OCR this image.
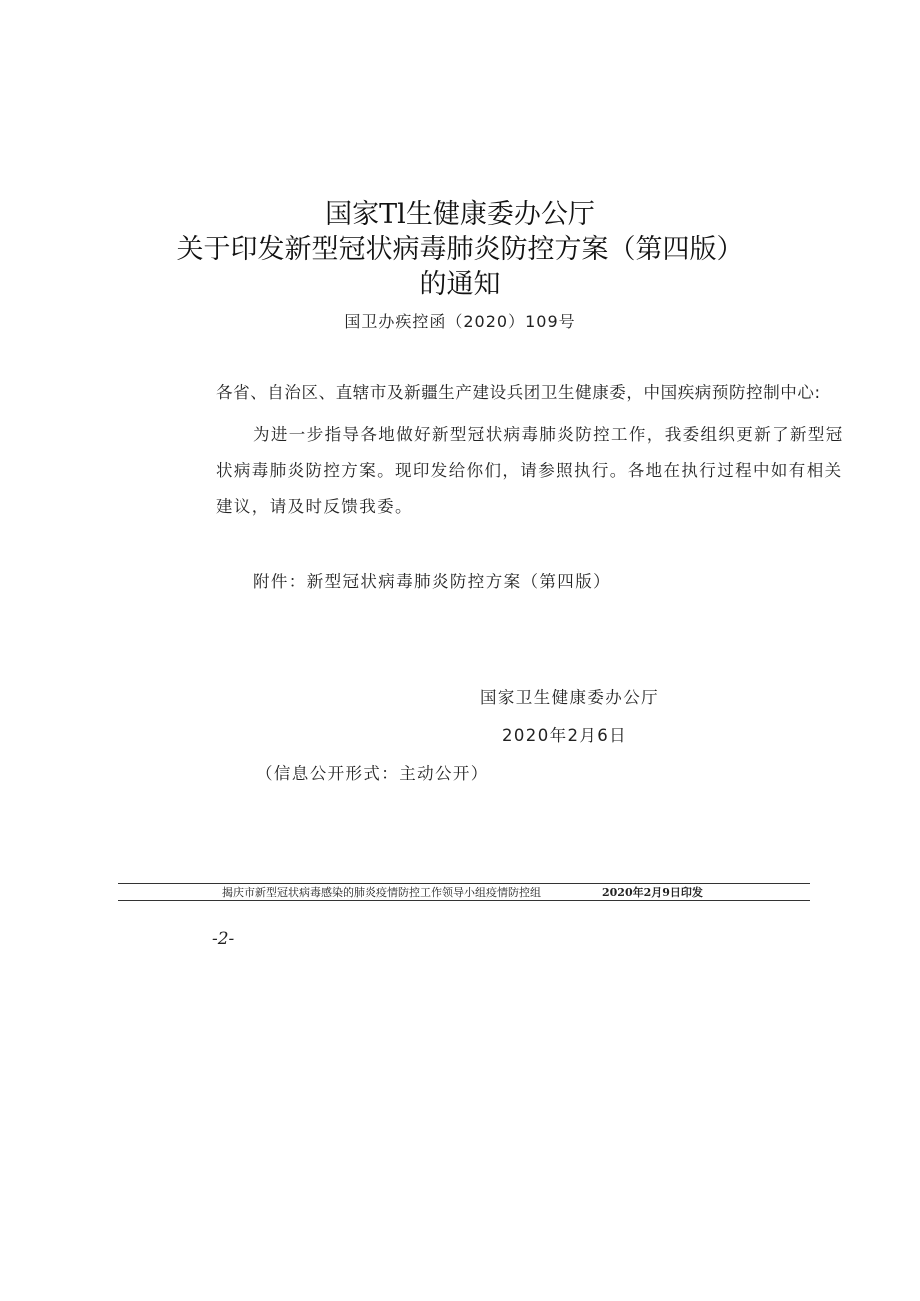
国家Tl生健康委办公厅
关于印发新型冠状病毒肺炎防控方案（第四版）
的通知
国卫办疾控函（2020）109号
各省、自治区、直辖市及新疆生产建设兵团卫生健康委，中国疾病预防控制中心:
为进一步指导各地做好新型冠状病毒肺炎防控工作，我委组织更新了新型冠
状病毒肺炎防控方案。现印发给你们，请参照执行。各地在执行过程中如有相关
建议，请及时反馈我委。
附件：新型冠状病毒肺炎防控方案（第四版）
国家卫生健康委办公厅
2020年2月6日
（信息公开形式：主动公开）
揭庆市新型冠状病毒感染的肺炎疫情防控工作领导小组疫情防控组	2020年2月9日印发
-2-
